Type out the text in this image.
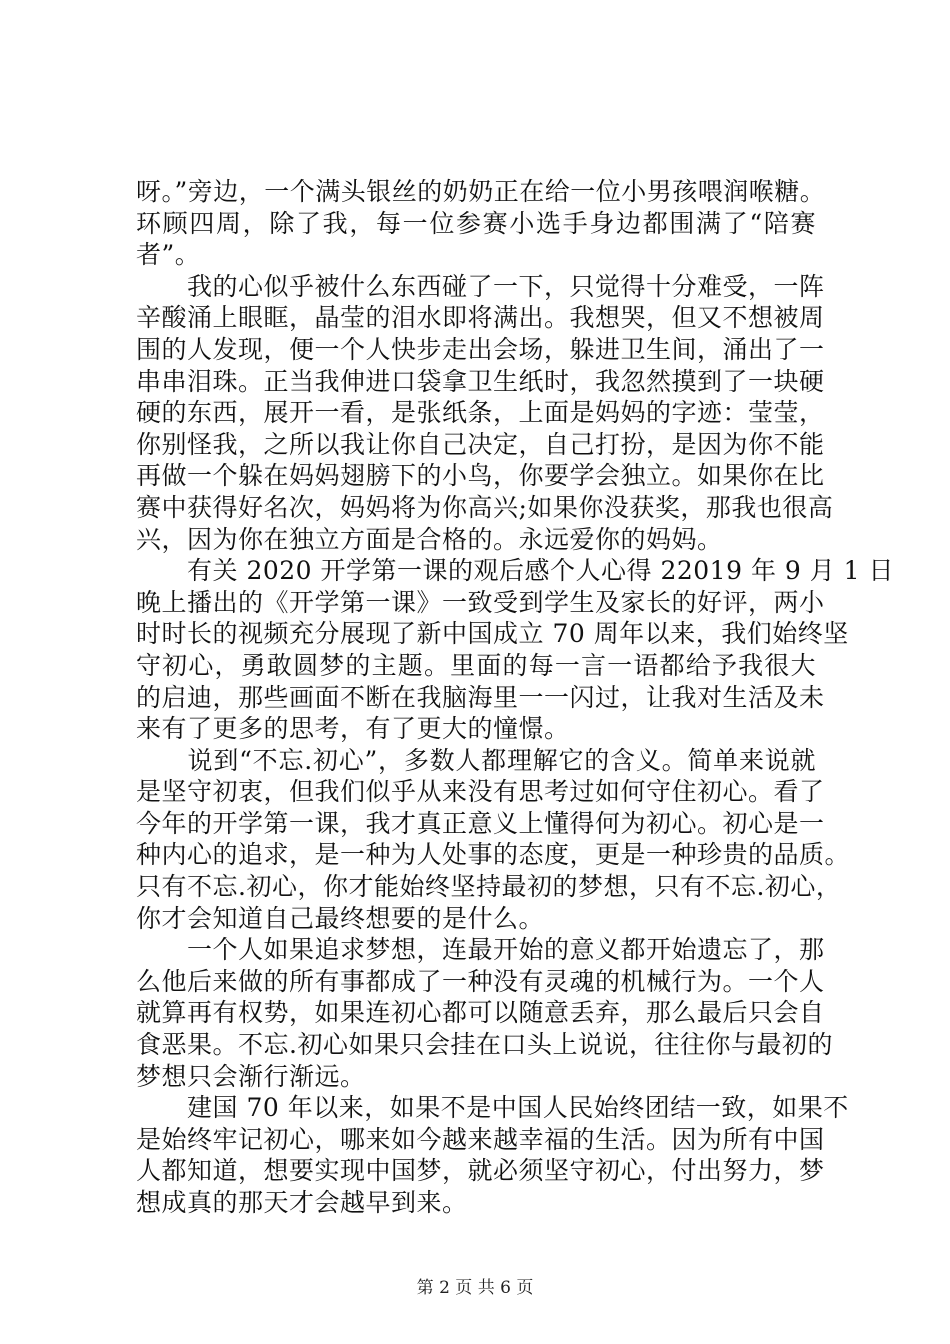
呀。”旁边，一个满头银丝的奶奶正在给一位小男孩喂润喉糖。
环顾四周，除了我，每一位参赛小选手身边都围满了“陪赛
者”。
　　我的心似乎被什么东西碰了一下，只觉得十分难受，一阵
辛酸涌上眼眶，晶莹的泪水即将满出。我想哭，但又不想被周
围的人发现，便一个人快步走出会场，躲进卫生间，涌出了一
串串泪珠。正当我伸进口袋拿卫生纸时，我忽然摸到了一块硬
硬的东西，展开一看，是张纸条，上面是妈妈的字迹：莹莹，
你别怪我，之所以我让你自己决定，自己打扮，是因为你不能
再做一个躲在妈妈翅膀下的小鸟，你要学会独立。如果你在比
赛中获得好名次，妈妈将为你高兴;如果你没获奖，那我也很高
兴，因为你在独立方面是合格的。永远爱你的妈妈。
　　有关 2020 开学第一课的观后感个人心得 22019 年 9 月 1 日
晚上播出的《开学第一课》一致受到学生及家长的好评，两小
时时长的视频充分展现了新中国成立 70 周年以来，我们始终坚
守初心，勇敢圆梦的主题。里面的每一言一语都给予我很大
的启迪，那些画面不断在我脑海里一一闪过，让我对生活及未
来有了更多的思考，有了更大的憧憬。
　　说到“不忘.初心”，多数人都理解它的含义。简单来说就
是坚守初衷，但我们似乎从来没有思考过如何守住初心。看了
今年的开学第一课，我才真正意义上懂得何为初心。初心是一
种内心的追求，是一种为人处事的态度，更是一种珍贵的品质。
只有不忘.初心，你才能始终坚持最初的梦想，只有不忘.初心，
你才会知道自己最终想要的是什么。
　　一个人如果追求梦想，连最开始的意义都开始遗忘了，那
么他后来做的所有事都成了一种没有灵魂的机械行为。一个人
就算再有权势，如果连初心都可以随意丢弃，那么最后只会自
食恶果。不忘.初心如果只会挂在口头上说说，往往你与最初的
梦想只会渐行渐远。
　　建国 70 年以来，如果不是中国人民始终团结一致，如果不
是始终牢记初心，哪来如今越来越幸福的生活。因为所有中国
人都知道，想要实现中国梦，就必须坚守初心，付出努力，梦
想成真的那天才会越早到来。
第 2 页 共 6 页
